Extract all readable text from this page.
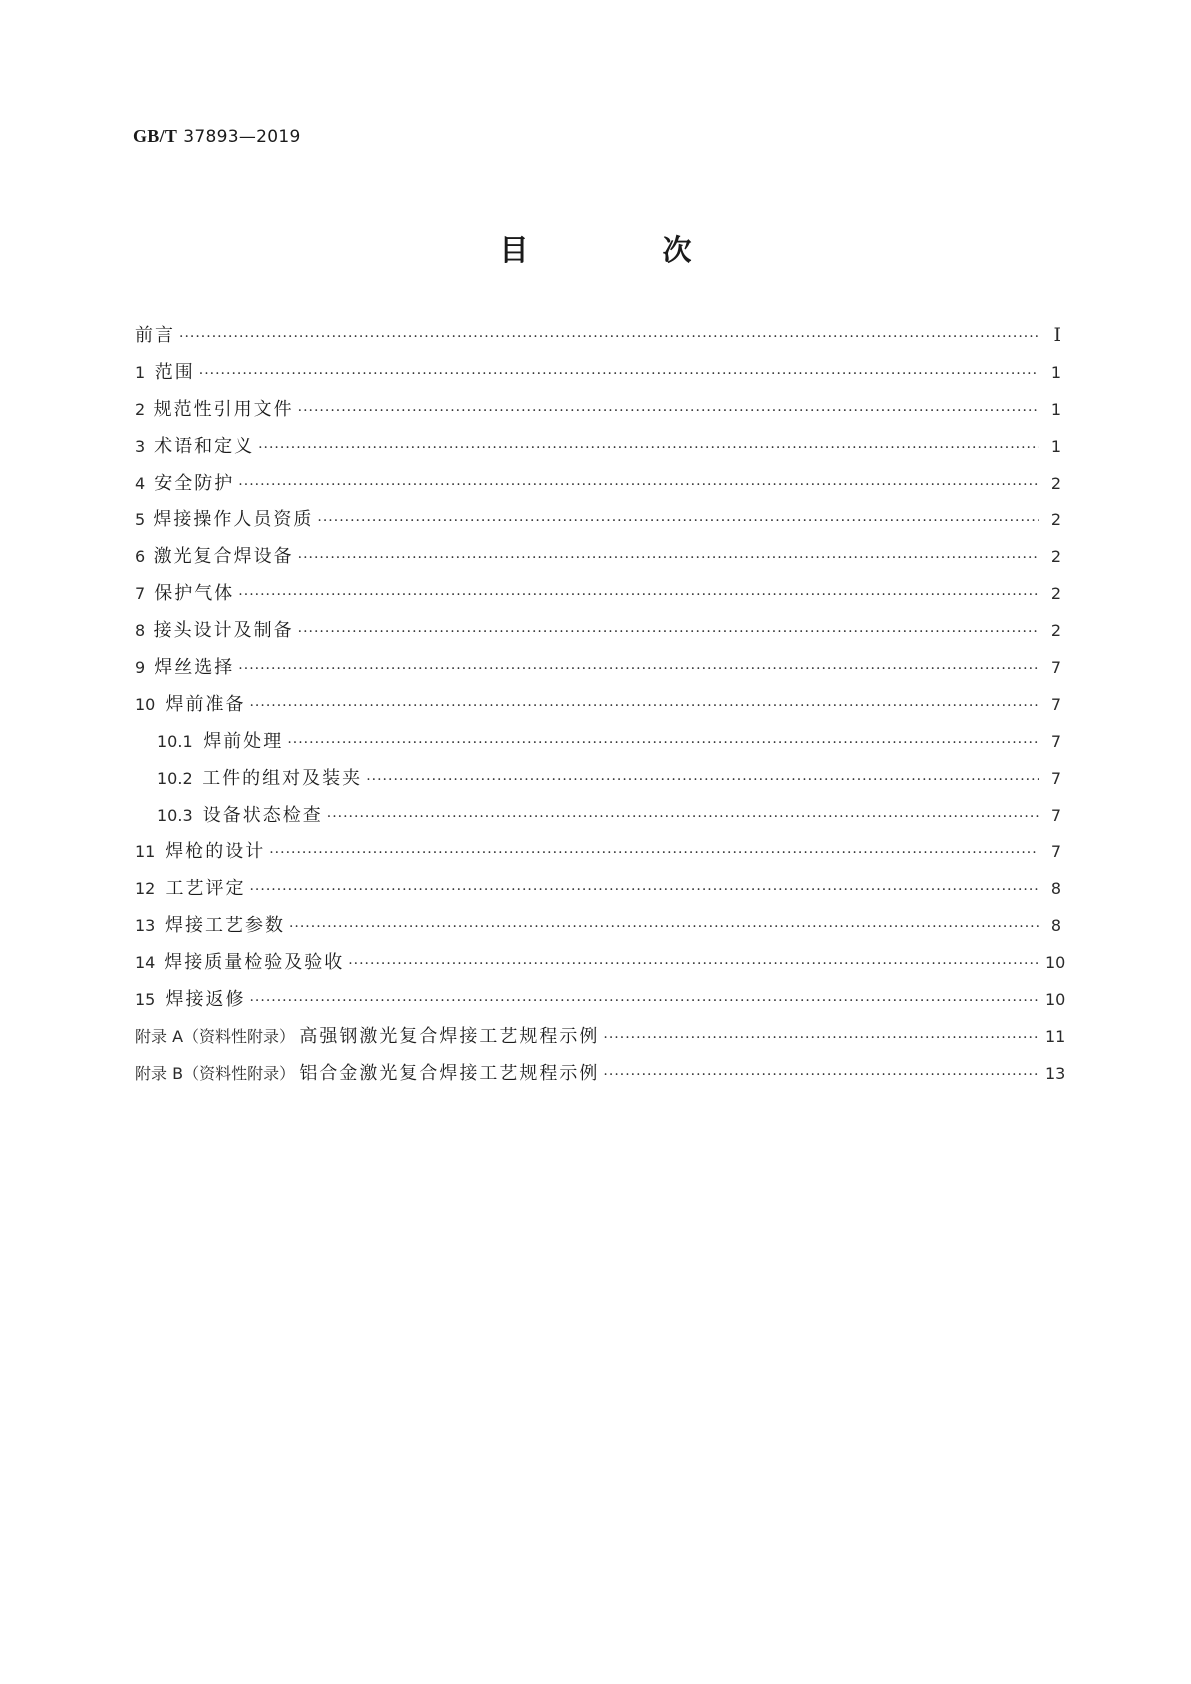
GB/T 37893—2019
目 次
前言 ·····	Ⅰ
1 范围 ·····	1
2 规范性引用文件 ·····	1
3 术语和定义 ·····	1
4 安全防护 ·····	2
5 焊接操作人员资质 ·····	2
6 激光复合焊设备 ·····	2
7 保护气体 ·····	2
8 接头设计及制备 ·····	2
9 焊丝选择 ·····	7
10 焊前准备 ·····	7
10.1 焊前处理 ·····	7
10.2 工件的组对及装夹 ·····	7
10.3 设备状态检查 ·····	7
11 焊枪的设计 ·····	7
12 工艺评定 ·····	8
13 焊接工艺参数 ·····	8
14 焊接质量检验及验收 ·····	10
15 焊接返修 ·····	10
附录 A（资料性附录） 高强钢激光复合焊接工艺规程示例 ·····	11
附录 B（资料性附录） 铝合金激光复合焊接工艺规程示例 ·····	13
